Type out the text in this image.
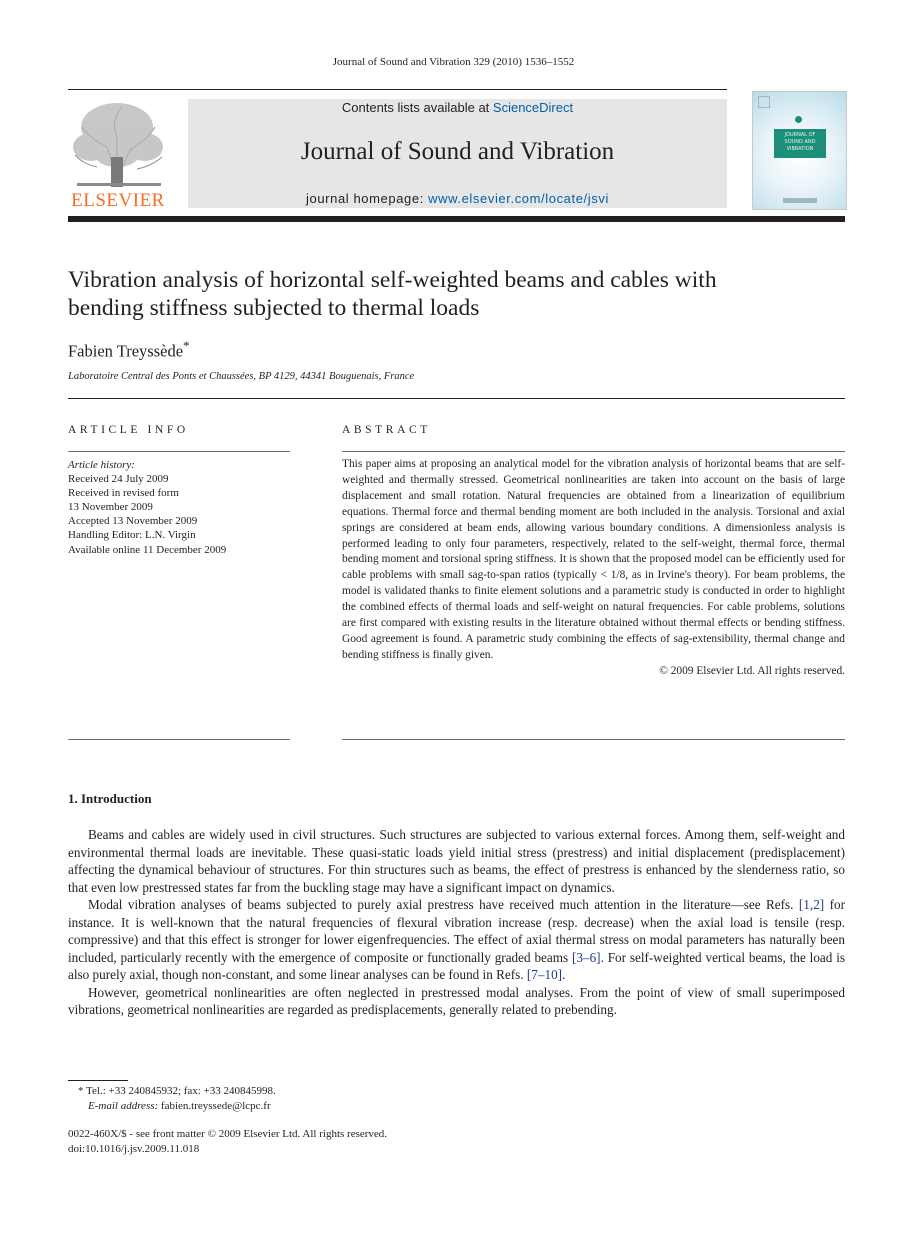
Journal of Sound and Vibration 329 (2010) 1536–1552
ELSEVIER
Contents lists available at ScienceDirect
Journal of Sound and Vibration
journal homepage: www.elsevier.com/locate/jsvi
JOURNAL OF
SOUND AND
VIBRATION
Vibration analysis of horizontal self-weighted beams and cables with
bending stiffness subjected to thermal loads
Fabien Treyssède*
Laboratoire Central des Ponts et Chaussées, BP 4129, 44341 Bouguenais, France
ARTICLE INFO
Article history:
Received 24 July 2009
Received in revised form
13 November 2009
Accepted 13 November 2009
Handling Editor: L.N. Virgin
Available online 11 December 2009
ABSTRACT

This paper aims at proposing an analytical model for the vibration analysis of horizontal beams that are self-weighted and thermally stressed. Geometrical nonlinearities are taken into account on the basis of large displacement and small rotation. Natural frequencies are obtained from a linearization of equilibrium equations. Thermal force and thermal bending moment are both included in the analysis. Torsional and axial springs are considered at beam ends, allowing various boundary conditions. A dimensionless analysis is performed leading to only four parameters, respectively, related to the self-weight, thermal force, thermal bending moment and torsional spring stiffness. It is shown that the proposed model can be efficiently used for cable problems with small sag-to-span ratios (typically < 1/8, as in Irvine's theory). For beam problems, the model is validated thanks to finite element solutions and a parametric study is conducted in order to highlight the combined effects of thermal loads and self-weight on natural frequencies. For cable problems, solutions are first compared with existing results in the literature obtained without thermal effects or bending stiffness. Good agreement is found. A parametric study combining the effects of sag-extensibility, thermal change and bending stiffness is finally given.

© 2009 Elsevier Ltd. All rights reserved.
1. Introduction

Beams and cables are widely used in civil structures. Such structures are subjected to various external forces. Among them, self-weight and environmental thermal loads are inevitable. These quasi-static loads yield initial stress (prestress) and initial displacement (predisplacement) affecting the dynamical behaviour of structures. For thin structures such as beams, the effect of prestress is enhanced by the slenderness ratio, so that even low prestressed states far from the buckling stage may have a significant impact on dynamics.

Modal vibration analyses of beams subjected to purely axial prestress have received much attention in the literature—see Refs. [1,2] for instance. It is well-known that the natural frequencies of flexural vibration increase (resp. decrease) when the axial load is tensile (resp. compressive) and that this effect is stronger for lower eigenfrequencies. The effect of axial thermal stress on modal parameters has naturally been included, particularly recently with the emergence of composite or functionally graded beams [3–6]. For self-weighted vertical beams, the load is also purely axial, though non-constant, and some linear analyses can be found in Refs. [7–10].

However, geometrical nonlinearities are often neglected in prestressed modal analyses. From the point of view of small superimposed vibrations, geometrical nonlinearities are regarded as predisplacements, generally related to prebending.

* Tel.: +33 240845932; fax: +33 240845998.
E-mail address: fabien.treyssede@lcpc.fr
0022-460X/$ - see front matter © 2009 Elsevier Ltd. All rights reserved.
doi:10.1016/j.jsv.2009.11.018
